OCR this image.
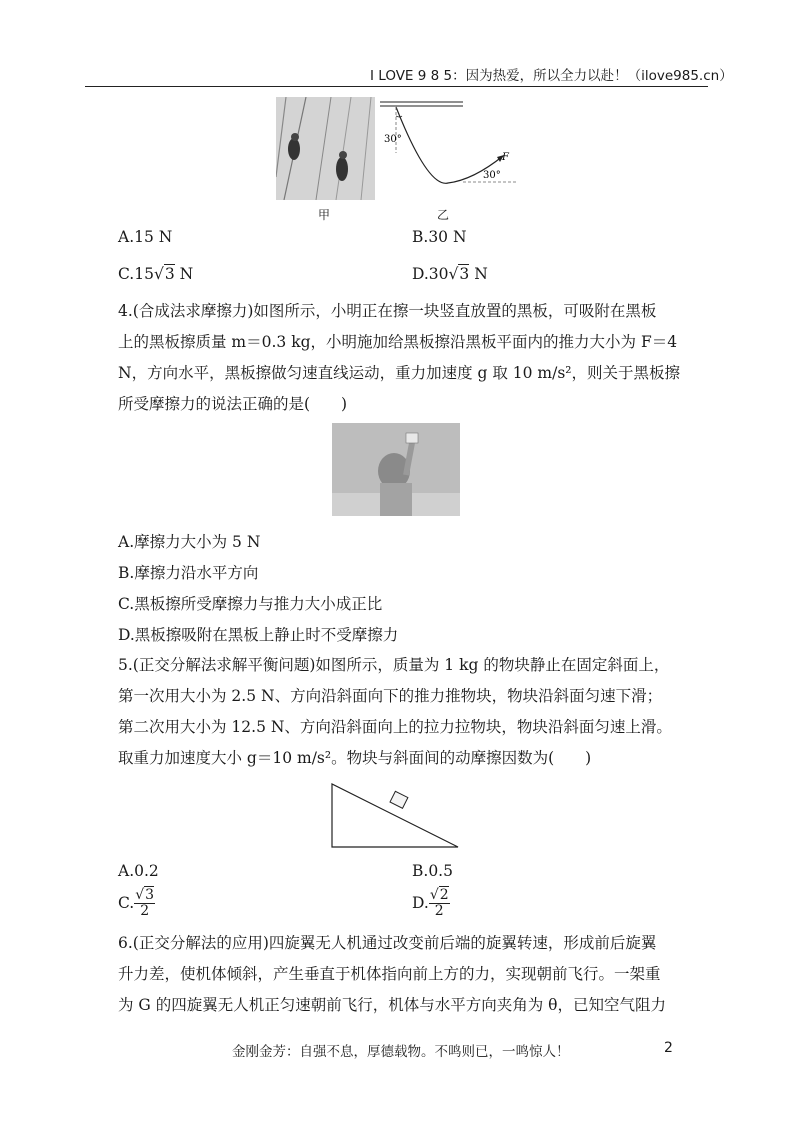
I LOVE 9 8 5：因为热爱，所以全力以赴！（ilove985.cn）
30°
30°
F
甲	乙
A.15 N	B.30 N
C.15√3 N	D.30√3 N
4.(合成法求摩擦力)如图所示，小明正在擦一块竖直放置的黑板，可吸附在黑板
上的黑板擦质量 m＝0.3 kg，小明施加给黑板擦沿黑板平面内的推力大小为 F＝4
N，方向水平，黑板擦做匀速直线运动，重力加速度 g 取 10 m/s²，则关于黑板擦
所受摩擦力的说法正确的是(　　)
A.摩擦力大小为 5 N
B.摩擦力沿水平方向
C.黑板擦所受摩擦力与推力大小成正比
D.黑板擦吸附在黑板上静止时不受摩擦力
5.(正交分解法求解平衡问题)如图所示，质量为 1 kg 的物块静止在固定斜面上，
第一次用大小为 2.5 N、方向沿斜面向下的推力推物块，物块沿斜面匀速下滑；
第二次用大小为 12.5 N、方向沿斜面向上的拉力拉物块，物块沿斜面匀速上滑。
取重力加速度大小 g＝10 m/s²。物块与斜面间的动摩擦因数为(　　)
A.0.2	B.0.5
C. $\frac{√3}{2}$	D. $\frac{√2}{2}$
6.(正交分解法的应用)四旋翼无人机通过改变前后端的旋翼转速，形成前后旋翼
升力差，使机体倾斜，产生垂直于机体指向前上方的力，实现朝前飞行。一架重
为 G 的四旋翼无人机正匀速朝前飞行，机体与水平方向夹角为 θ，已知空气阻力
金刚金芳：自强不息，厚德载物。不鸣则已，一鸣惊人！	2
